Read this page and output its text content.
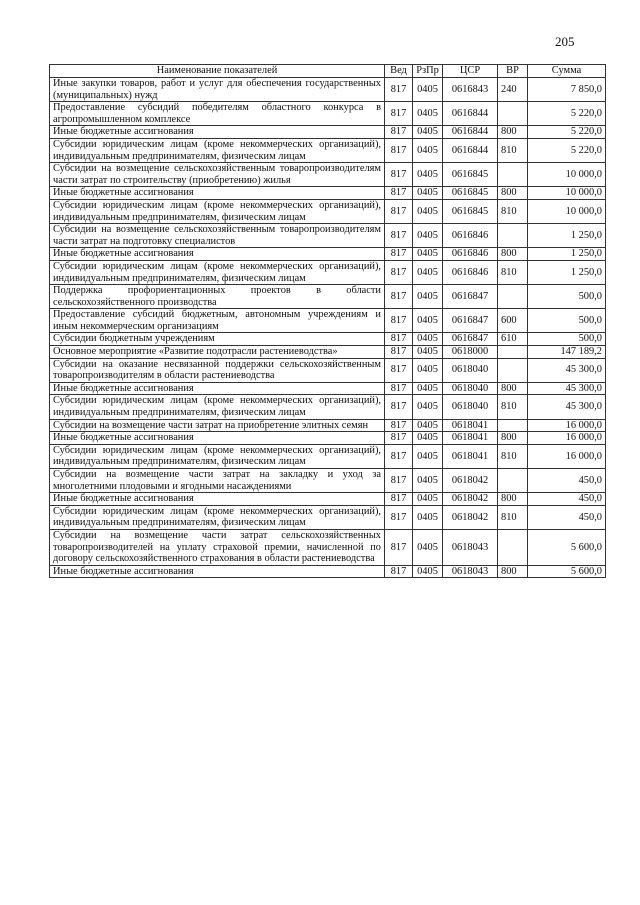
205
Наименование показателей	Вед	РзПр	ЦСР	ВР	Сумма
Иные закупки товаров, работ и услуг для обеспечения государственных (муниципальных) нужд	817	0405	0616843	240	7 850,0
Предоставление субсидий победителям областного конкурса в агропромышленном комплексе	817	0405	0616844		5 220,0
Иные бюджетные ассигнования	817	0405	0616844	800	5 220,0
Субсидии юридическим лицам (кроме некоммерческих организаций), индивидуальным предпринимателям, физическим лицам	817	0405	0616844	810	5 220,0
Субсидии на возмещение сельскохозяйственным товаропроизводителям части затрат по строительству (приобретению) жилья	817	0405	0616845		10 000,0
Иные бюджетные ассигнования	817	0405	0616845	800	10 000,0
Субсидии юридическим лицам (кроме некоммерческих организаций), индивидуальным предпринимателям, физическим лицам	817	0405	0616845	810	10 000,0
Субсидии на возмещение сельскохозяйственным товаропроизводителям части затрат на подготовку специалистов	817	0405	0616846		1 250,0
Иные бюджетные ассигнования	817	0405	0616846	800	1 250,0
Субсидии юридическим лицам (кроме некоммерческих организаций), индивидуальным предпринимателям, физическим лицам	817	0405	0616846	810	1 250,0
Поддержка профориентационных проектов в области сельскохозяйственного производства	817	0405	0616847		500,0
Предоставление субсидий бюджетным, автономным учреждениям и иным некоммерческим организациям	817	0405	0616847	600	500,0
Субсидии бюджетным учреждениям	817	0405	0616847	610	500,0
Основное мероприятие «Развитие подотрасли растениеводства»	817	0405	0618000		147 189,2
Субсидии на оказание несвязанной поддержки сельскохозяйственным товаропроизводителям в области растениеводства	817	0405	0618040		45 300,0
Иные бюджетные ассигнования	817	0405	0618040	800	45 300,0
Субсидии юридическим лицам (кроме некоммерческих организаций), индивидуальным предпринимателям, физическим лицам	817	0405	0618040	810	45 300,0
Субсидии на возмещение части затрат на приобретение элитных семян	817	0405	0618041		16 000,0
Иные бюджетные ассигнования	817	0405	0618041	800	16 000,0
Субсидии юридическим лицам (кроме некоммерческих организаций), индивидуальным предпринимателям, физическим лицам	817	0405	0618041	810	16 000,0
Субсидии на возмещение части затрат на закладку и уход за многолетними плодовыми и ягодными насаждениями	817	0405	0618042		450,0
Иные бюджетные ассигнования	817	0405	0618042	800	450,0
Субсидии юридическим лицам (кроме некоммерческих организаций), индивидуальным предпринимателям, физическим лицам	817	0405	0618042	810	450,0
Субсидии на возмещение части затрат сельскохозяйственных товаропроизводителей на уплату страховой премии, начисленной по договору сельскохозяйственного страхования в области растениеводства	817	0405	0618043		5 600,0
Иные бюджетные ассигнования	817	0405	0618043	800	5 600,0
